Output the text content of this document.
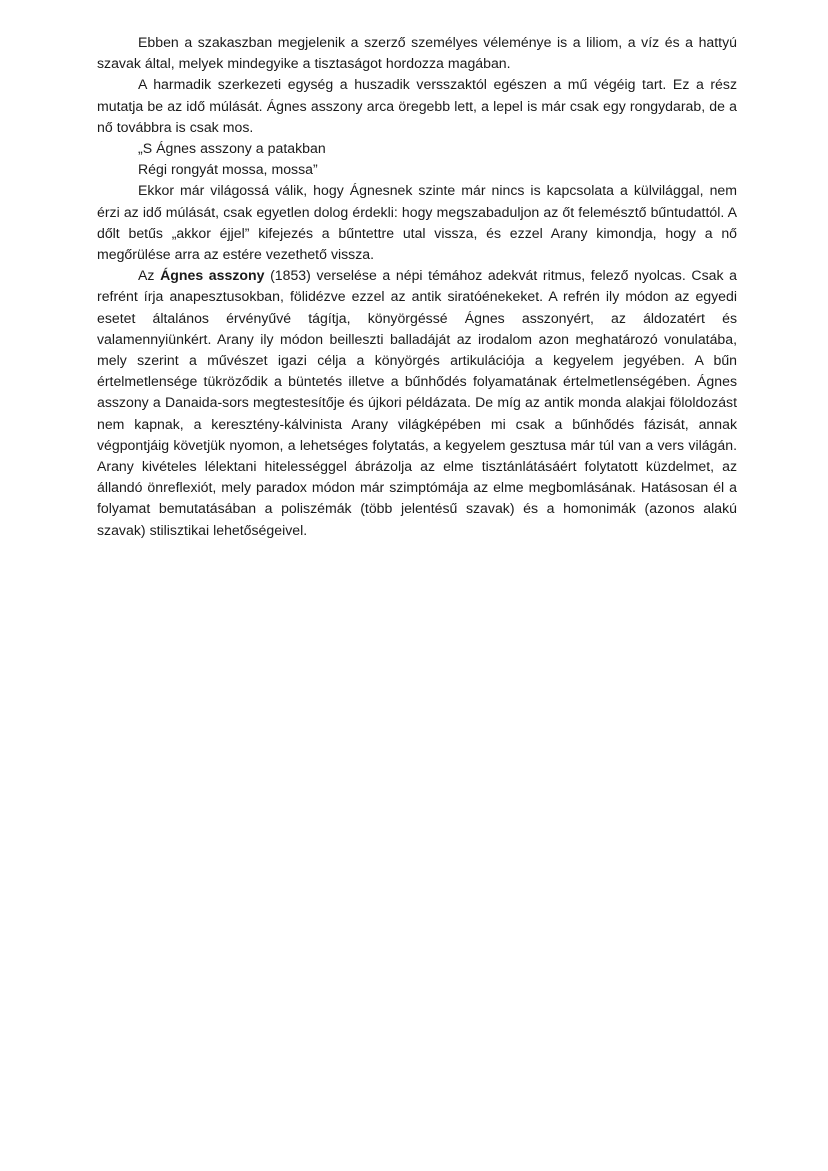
Ebben a szakaszban megjelenik a szerző személyes véleménye is a liliom, a víz és a hattyú szavak által, melyek mindegyike a tisztaságot hordozza magában.

A harmadik szerkezeti egység a huszadik versszaktól egészen a mű végéig tart. Ez a rész mutatja be az idő múlását. Ágnes asszony arca öregebb lett, a lepel is már csak egy rongydarab, de a nő továbbra is csak mos.

„S Ágnes asszony a patakban

Régi rongyát mossa, mossa”

Ekkor már világossá válik, hogy Ágnesnek szinte már nincs is kapcsolata a külvilággal, nem érzi az idő múlását, csak egyetlen dolog érdekli: hogy megszabaduljon az őt felemésztő bűntudattól. A dőlt betűs „akkor éjjel” kifejezés a bűntettre utal vissza, és ezzel Arany kimondja, hogy a nő megőrülése arra az estére vezethető vissza.

Az Ágnes asszony (1853) verselése a népi témához adekvát ritmus, felező nyolcas. Csak a refrént írja anapesztusokban, fölidézve ezzel az antik siratóénekeket. A refrén ily módon az egyedi esetet általános érvényűvé tágítja, könyörgéssé Ágnes asszonyért, az áldozatért és valamennyiünkért. Arany ily módon beilleszti balladáját az irodalom azon meghatározó vonulatába, mely szerint a művészet igazi célja a könyörgés artikulációja a kegyelem jegyében. A bűn értelmetlensége tükröződik a büntetés illetve a bűnhődés folyamatának értelmetlenségében. Ágnes asszony a Danaida-sors megtestesítője és újkori példázata. De míg az antik monda alakjai föloldozást nem kapnak, a keresztény-kálvinista Arany világképében mi csak a bűnhődés fázisát, annak végpontjáig követjük nyomon, a lehetséges folytatás, a kegyelem gesztusa már túl van a vers világán. Arany kivételes lélektani hitelességgel ábrázolja az elme tisztánlátásáért folytatott küzdelmet, az állandó önreflexiót, mely paradox módon már szimptómája az elme megbomlásának. Hatásosan él a folyamat bemutatásában a poliszémák (több jelentésű szavak) és a homonimák (azonos alakú szavak) stilisztikai lehetőségeivel.
